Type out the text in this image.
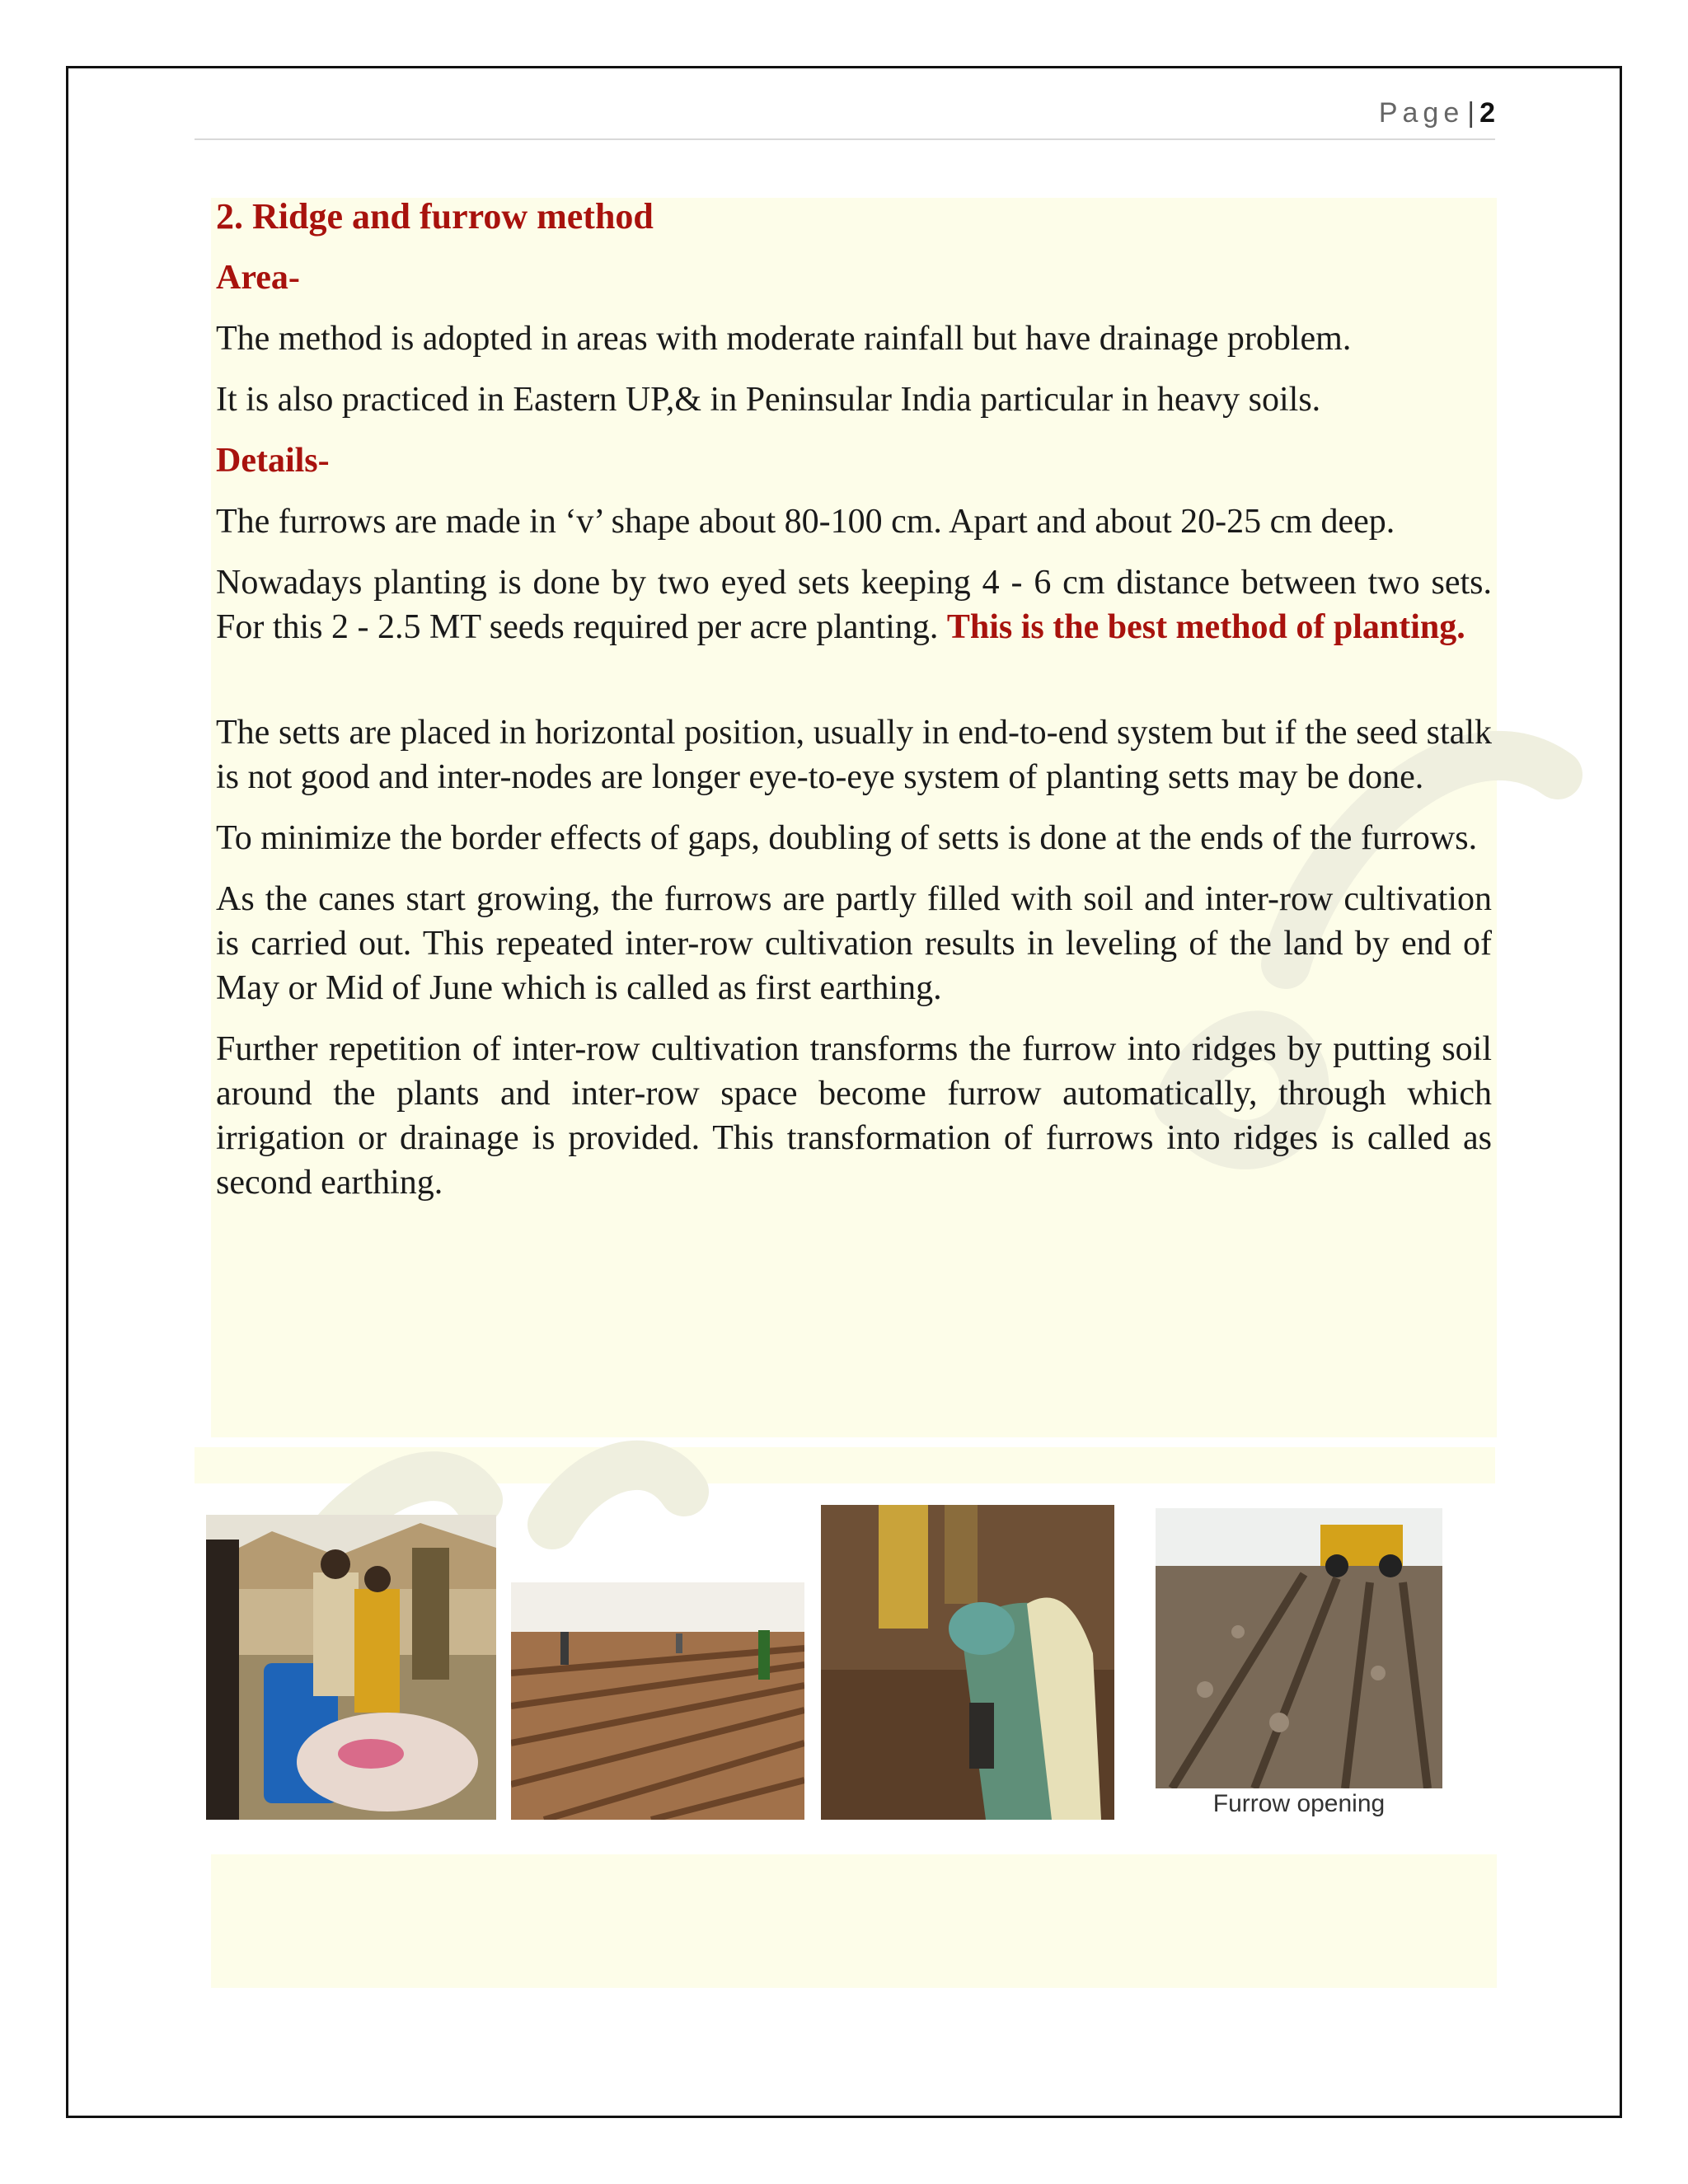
Page | 2

2. Ridge and furrow method

Area-

The method is adopted in areas with moderate rainfall but have drainage problem.

It is also practiced in Eastern UP,& in Peninsular India particular in heavy soils.

Details-

The furrows are made in ‘v’ shape about 80-100 cm. Apart and about 20-25 cm deep.

Nowadays planting is done by two eyed sets keeping 4 - 6 cm distance between two sets. For this 2 - 2.5 MT seeds required per acre planting. This is the best method of planting.

The setts are placed in horizontal position, usually in end-to-end system but if the seed stalk is not good and inter-nodes are longer eye-to-eye system of planting setts may be done.

To minimize the border effects of gaps, doubling of setts is done at the ends of the furrows.

As the canes start growing, the furrows are partly filled with soil and inter-row cultivation is carried out. This repeated inter-row cultivation results in leveling of the land by end of May or Mid of June which is called as first earthing.

Further repetition of inter-row cultivation transforms the furrow into ridges by putting soil around the plants and inter-row space become furrow automatically, through which irrigation or drainage is provided. This transformation of furrows into ridges is called as second earthing.

Furrow opening
